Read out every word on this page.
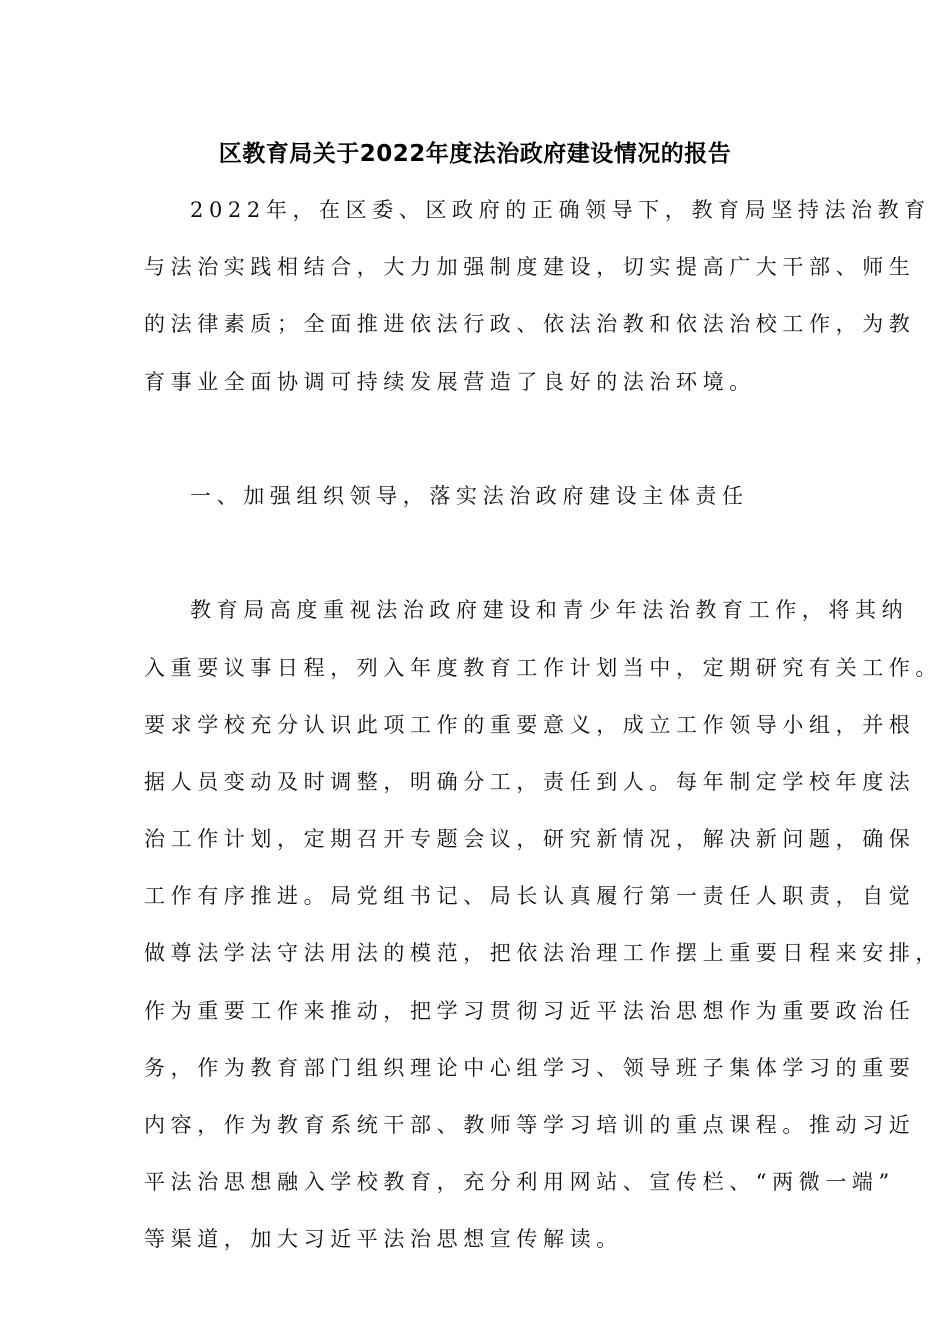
区教育局关于2022年度法治政府建设情况的报告
2022年，在区委、区政府的正确领导下，教育局坚持法治教育
与法治实践相结合，大力加强制度建设，切实提高广大干部、师生
的法律素质；全面推进依法行政、依法治教和依法治校工作，为教
育事业全面协调可持续发展营造了良好的法治环境。
一、加强组织领导，落实法治政府建设主体责任
教育局高度重视法治政府建设和青少年法治教育工作，将其纳
入重要议事日程，列入年度教育工作计划当中，定期研究有关工作。
要求学校充分认识此项工作的重要意义，成立工作领导小组，并根
据人员变动及时调整，明确分工，责任到人。每年制定学校年度法
治工作计划，定期召开专题会议，研究新情况，解决新问题，确保
工作有序推进。局党组书记、局长认真履行第一责任人职责，自觉
做尊法学法守法用法的模范，把依法治理工作摆上重要日程来安排，
作为重要工作来推动，把学习贯彻习近平法治思想作为重要政治任
务，作为教育部门组织理论中心组学习、领导班子集体学习的重要
内容，作为教育系统干部、教师等学习培训的重点课程。推动习近
平法治思想融入学校教育，充分利用网站、宣传栏、“两微一端”
等渠道，加大习近平法治思想宣传解读。
